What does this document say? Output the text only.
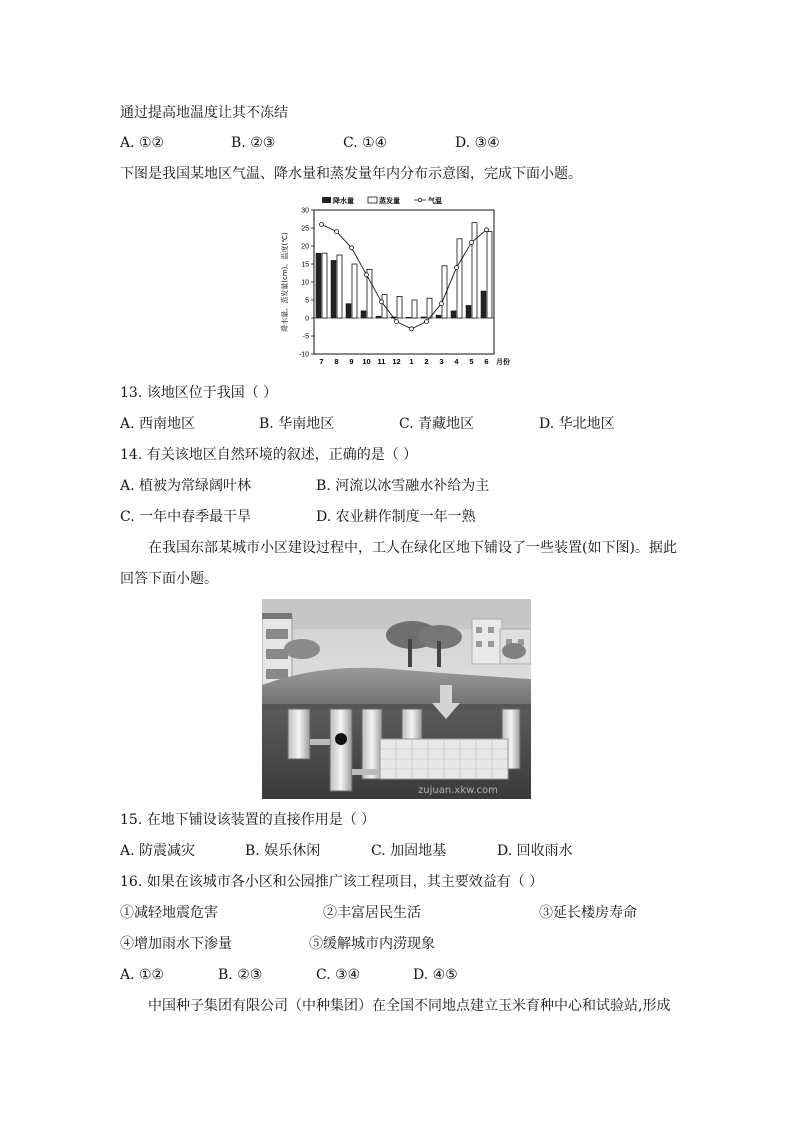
通过提高地温度让其不冻结
A. ①②	B. ②③	C. ①④	D. ③④
下图是我国某地区气温、降水量和蒸发量年内分布示意图，完成下面小题。
降水量	蒸发量	气温
-10
-5
0
5
10
15
20
25
30
7 8 9 10 11 12 1 2 3 4 5 6 月份
降水量、蒸发量(cm)、温度(℃)
13. 该地区位于我国（ ）
A. 西南地区	B. 华南地区	C. 青藏地区	D. 华北地区
14. 有关该地区自然环境的叙述，正确的是（ ）
A. 植被为常绿阔叶林	B. 河流以冰雪融水补给为主
C. 一年中春季最干旱	D. 农业耕作制度一年一熟
在我国东部某城市小区建设过程中，工人在绿化区地下铺设了一些装置(如下图)。据此
回答下面小题。
zujuan.xkw.com
15. 在地下铺设该装置的直接作用是（ ）
A. 防震减灾	B. 娱乐休闲	C. 加固地基	D. 回收雨水
16. 如果在该城市各小区和公园推广该工程项目，其主要效益有（ ）
①减轻地震危害	②丰富居民生活	③延长楼房寿命
④增加雨水下渗量	⑤缓解城市内涝现象
A. ①②	B. ②③	C. ③④	D. ④⑤
中国种子集团有限公司（中种集团）在全国不同地点建立玉米育种中心和试验站,形成
